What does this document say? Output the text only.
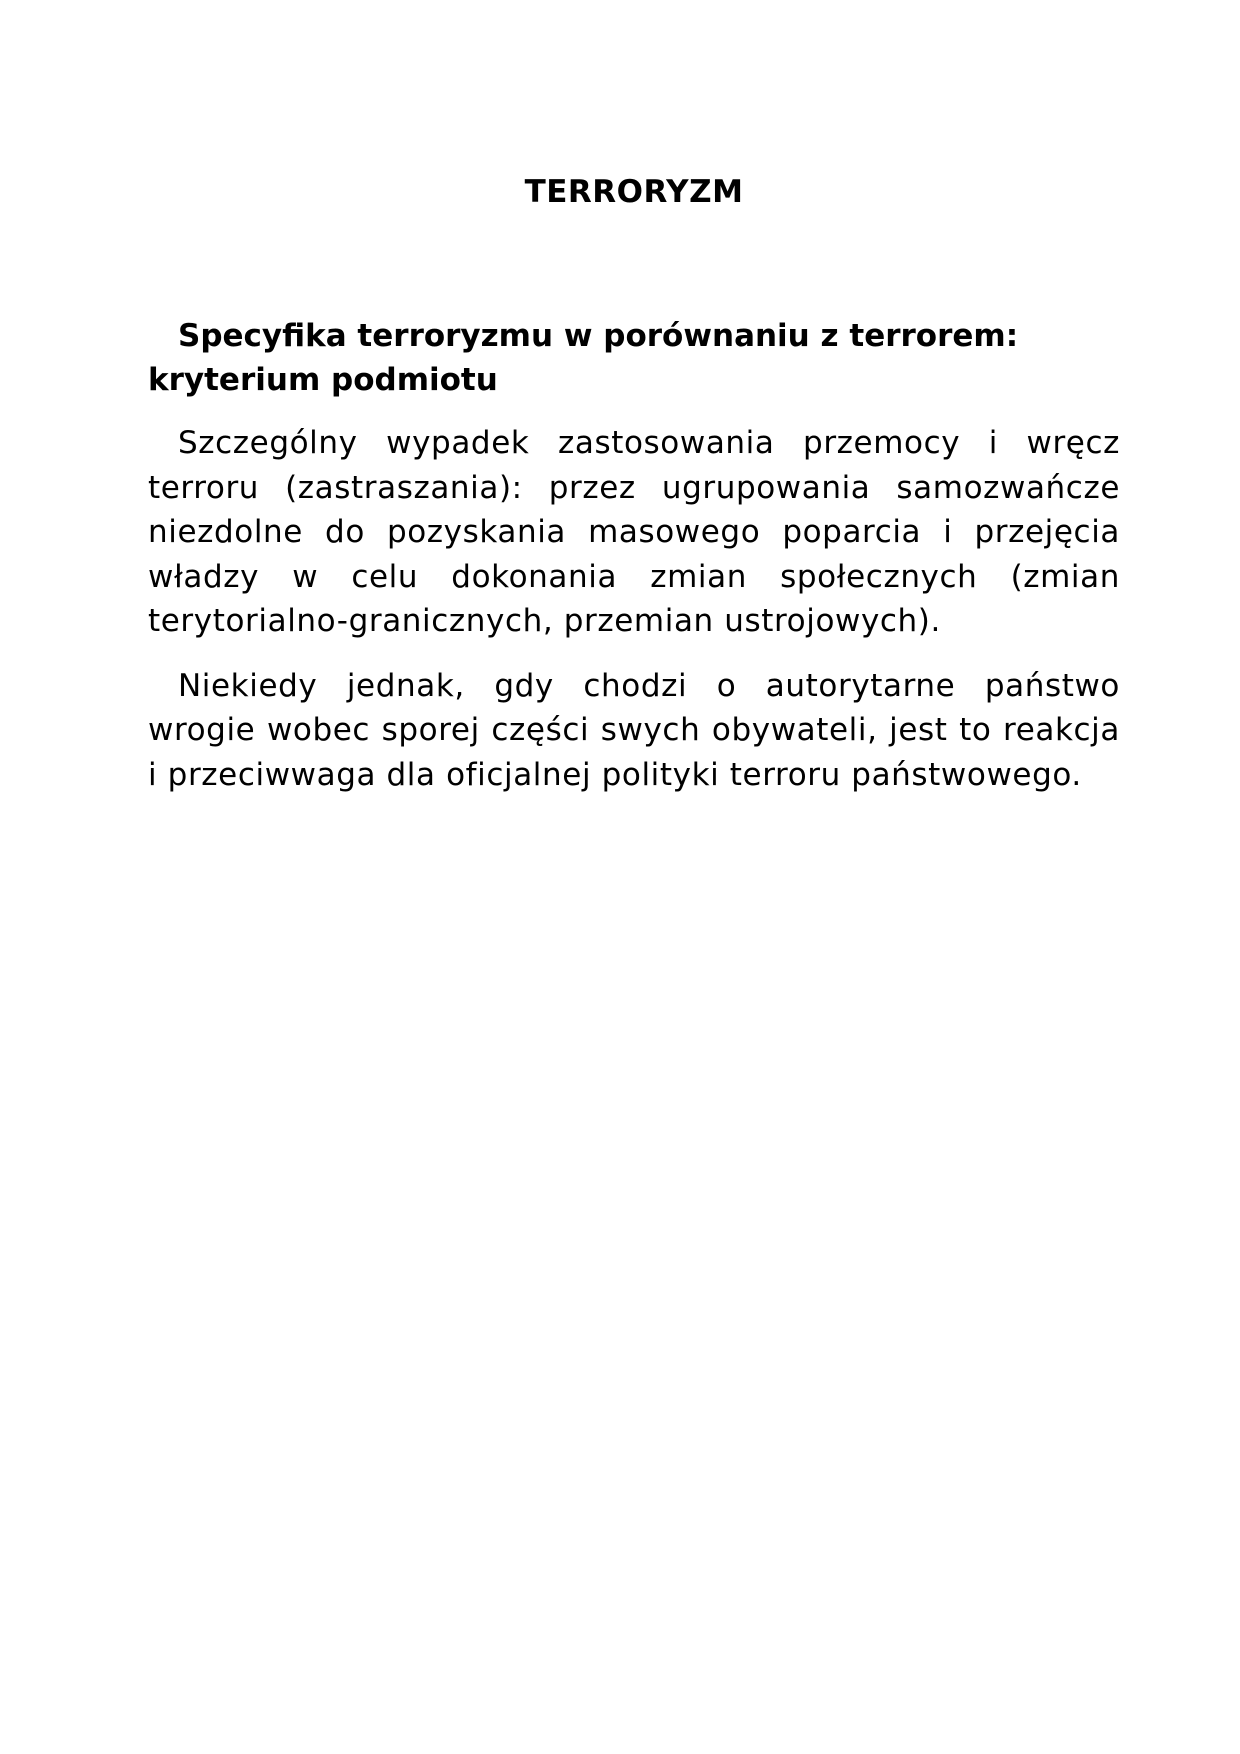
TERRORYZM
Specyfika terroryzmu w porównaniu z terrorem: kryterium podmiotu

Szczególny wypadek zastosowania przemocy i wręcz terroru (zastraszania): przez ugrupowania samozwańcze niezdolne do pozyskania masowego poparcia i przejęcia władzy w celu dokonania zmian społecznych (zmian terytorialno-granicznych, przemian ustrojowych).

Niekiedy jednak, gdy chodzi o autorytarne państwo wrogie wobec sporej części swych obywateli, jest to reakcja i przeciwwaga dla oficjalnej polityki terroru państwowego.
